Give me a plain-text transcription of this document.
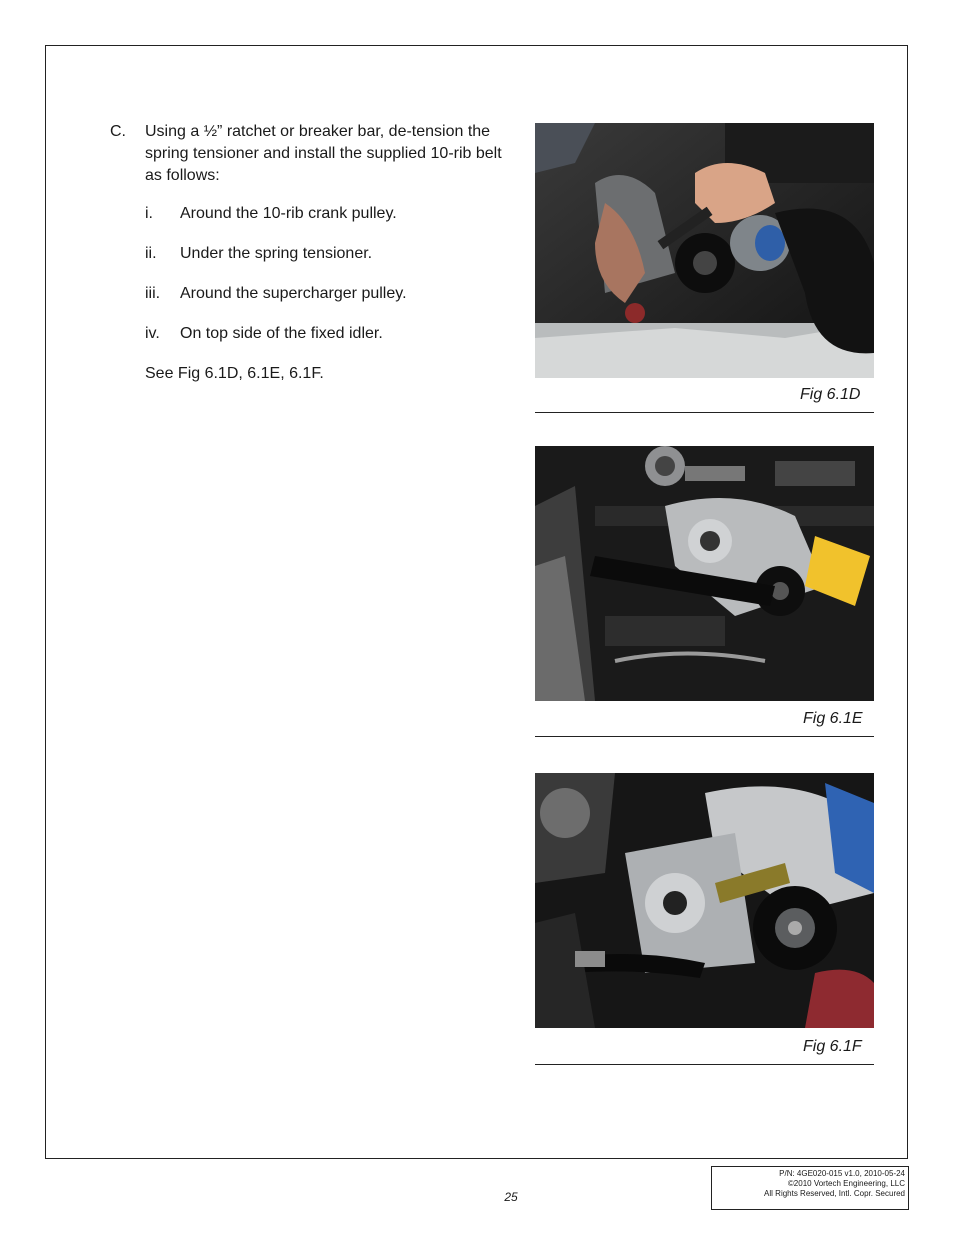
C. Using a ½” ratchet or breaker bar, de-tension the spring tensioner and install the supplied 10-rib belt as follows:
i. Around the 10-rib crank pulley.
ii. Under the spring tensioner.
iii. Around the supercharger pulley.
iv. On top side of the fixed idler.
See Fig 6.1D, 6.1E, 6.1F.
Fig 6.1D
Fig 6.1E
Fig 6.1F
25
P/N: 4GE020-015 v1.0, 2010-05-24
©2010 Vortech Engineering, LLC
All Rights Reserved, Intl. Copr. Secured
